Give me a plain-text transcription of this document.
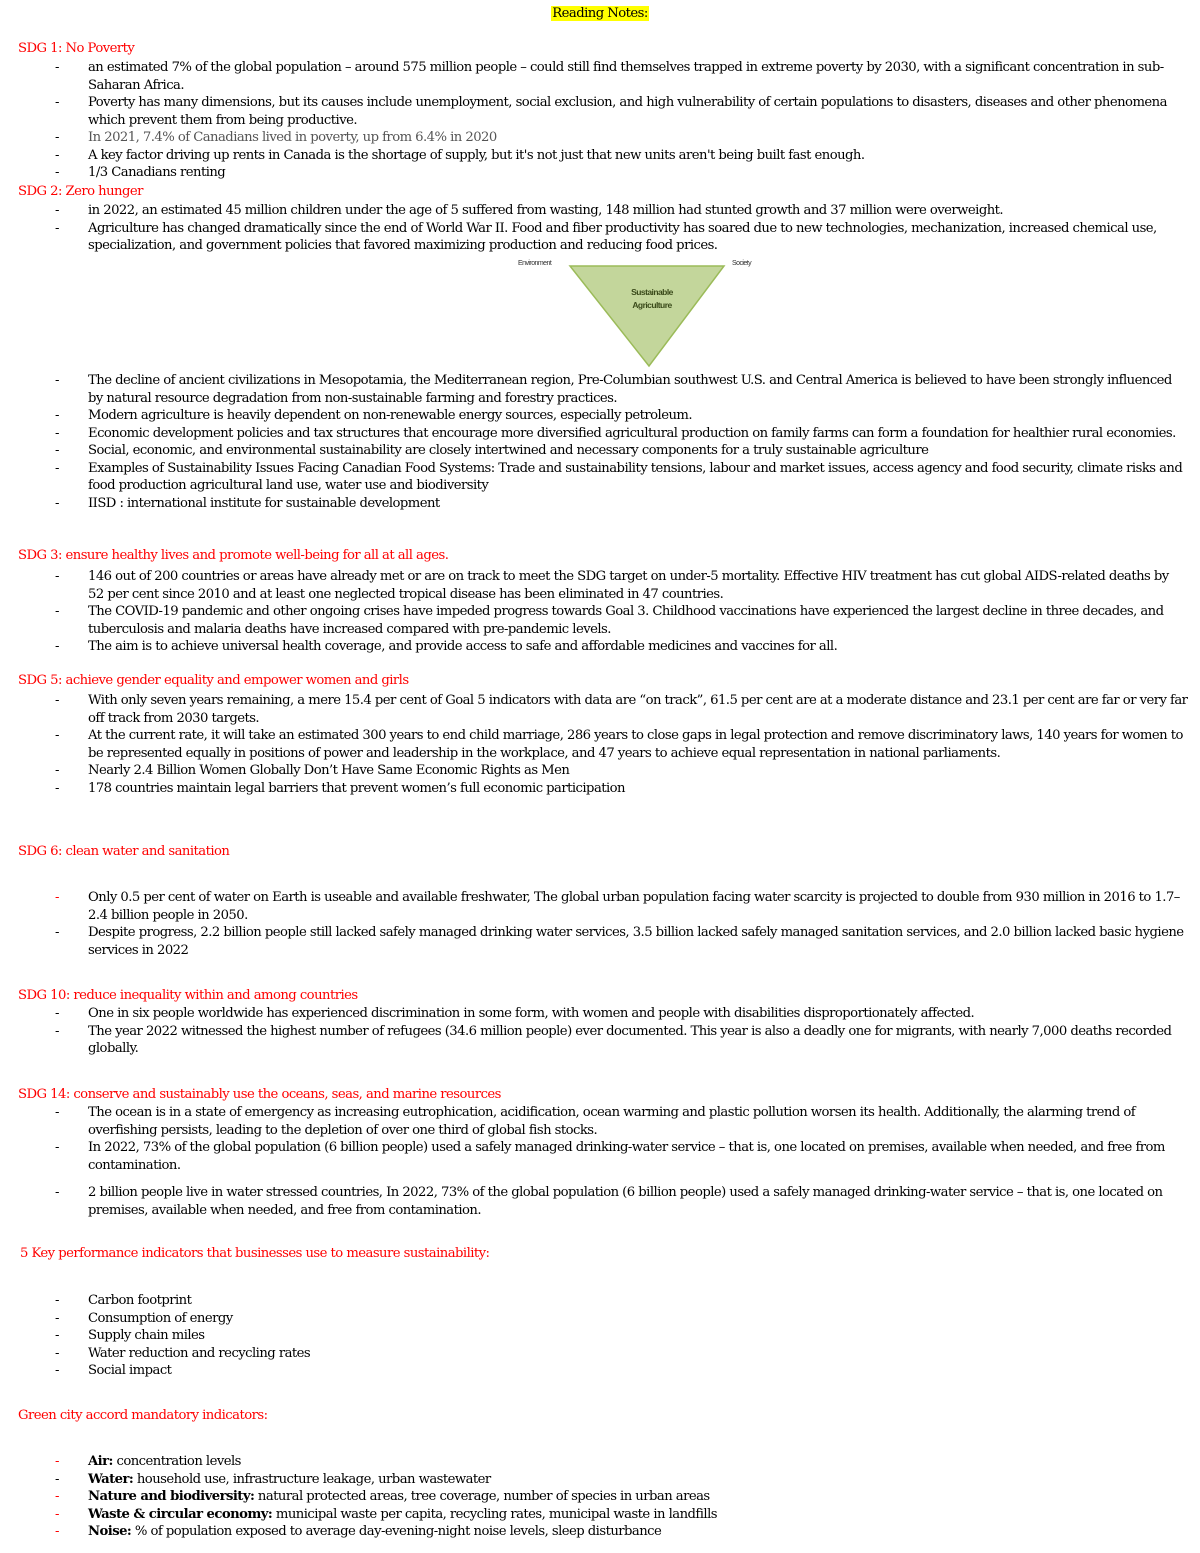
Reading Notes:
SDG 1: No Poverty
- an estimated 7% of the global population – around 575 million people – could still find themselves trapped in extreme poverty by 2030, with a significant concentration in sub-Saharan Africa.
- Poverty has many dimensions, but its causes include unemployment, social exclusion, and high vulnerability of certain populations to disasters, diseases and other phenomena which prevent them from being productive.
- In 2021, 7.4% of Canadians lived in poverty, up from 6.4% in 2020
- A key factor driving up rents in Canada is the shortage of supply, but it's not just that new units aren't being built fast enough.
- 1/3 Canadians renting
SDG 2: Zero hunger
- in 2022, an estimated 45 million children under the age of 5 suffered from wasting, 148 million had stunted growth and 37 million were overweight.
- Agriculture has changed dramatically since the end of World War II. Food and fiber productivity has soared due to new technologies, mechanization, increased chemical use, specialization, and government policies that favored maximizing production and reducing food prices.
Environment	Society
Sustainable
Agriculture
- The decline of ancient civilizations in Mesopotamia, the Mediterranean region, Pre-Columbian southwest U.S. and Central America is believed to have been strongly influenced by natural resource degradation from non-sustainable farming and forestry practices.
- Modern agriculture is heavily dependent on non-renewable energy sources, especially petroleum.
- Economic development policies and tax structures that encourage more diversified agricultural production on family farms can form a foundation for healthier rural economies.
- Social, economic, and environmental sustainability are closely intertwined and necessary components for a truly sustainable agriculture
- Examples of Sustainability Issues Facing Canadian Food Systems: Trade and sustainability tensions, labour and market issues, access agency and food security, climate risks and food production agricultural land use, water use and biodiversity
- IISD : international institute for sustainable development
SDG 3: ensure healthy lives and promote well-being for all at all ages.
- 146 out of 200 countries or areas have already met or are on track to meet the SDG target on under-5 mortality. Effective HIV treatment has cut global AIDS-related deaths by 52 per cent since 2010 and at least one neglected tropical disease has been eliminated in 47 countries.
- The COVID-19 pandemic and other ongoing crises have impeded progress towards Goal 3. Childhood vaccinations have experienced the largest decline in three decades, and tuberculosis and malaria deaths have increased compared with pre-pandemic levels.
- The aim is to achieve universal health coverage, and provide access to safe and affordable medicines and vaccines for all.
SDG 5: achieve gender equality and empower women and girls
- With only seven years remaining, a mere 15.4 per cent of Goal 5 indicators with data are “on track”, 61.5 per cent are at a moderate distance and 23.1 per cent are far or very far off track from 2030 targets.
- At the current rate, it will take an estimated 300 years to end child marriage, 286 years to close gaps in legal protection and remove discriminatory laws, 140 years for women to be represented equally in positions of power and leadership in the workplace, and 47 years to achieve equal representation in national parliaments.
- Nearly 2.4 Billion Women Globally Don’t Have Same Economic Rights as Men
- 178 countries maintain legal barriers that prevent women’s full economic participation
SDG 6: clean water and sanitation
- Only 0.5 per cent of water on Earth is useable and available freshwater, The global urban population facing water scarcity is projected to double from 930 million in 2016 to 1.7–2.4 billion people in 2050.
- Despite progress, 2.2 billion people still lacked safely managed drinking water services, 3.5 billion lacked safely managed sanitation services, and 2.0 billion lacked basic hygiene services in 2022
SDG 10: reduce inequality within and among countries
- One in six people worldwide has experienced discrimination in some form, with women and people with disabilities disproportionately affected.
- The year 2022 witnessed the highest number of refugees (34.6 million people) ever documented. This year is also a deadly one for migrants, with nearly 7,000 deaths recorded globally.
SDG 14: conserve and sustainably use the oceans, seas, and marine resources
- The ocean is in a state of emergency as increasing eutrophication, acidification, ocean warming and plastic pollution worsen its health. Additionally, the alarming trend of overfishing persists, leading to the depletion of over one third of global fish stocks.
- In 2022, 73% of the global population (6 billion people) used a safely managed drinking-water service – that is, one located on premises, available when needed, and free from contamination.
- 2 billion people live in water stressed countries, In 2022, 73% of the global population (6 billion people) used a safely managed drinking-water service – that is, one located on premises, available when needed, and free from contamination.
5 Key performance indicators that businesses use to measure sustainability:
- Carbon footprint
- Consumption of energy
- Supply chain miles
- Water reduction and recycling rates
- Social impact
Green city accord mandatory indicators:
- Air: concentration levels
- Water: household use, infrastructure leakage, urban wastewater
- Nature and biodiversity: natural protected areas, tree coverage, number of species in urban areas
- Waste & circular economy: municipal waste per capita, recycling rates, municipal waste in landfills
- Noise: % of population exposed to average day-evening-night noise levels, sleep disturbance
